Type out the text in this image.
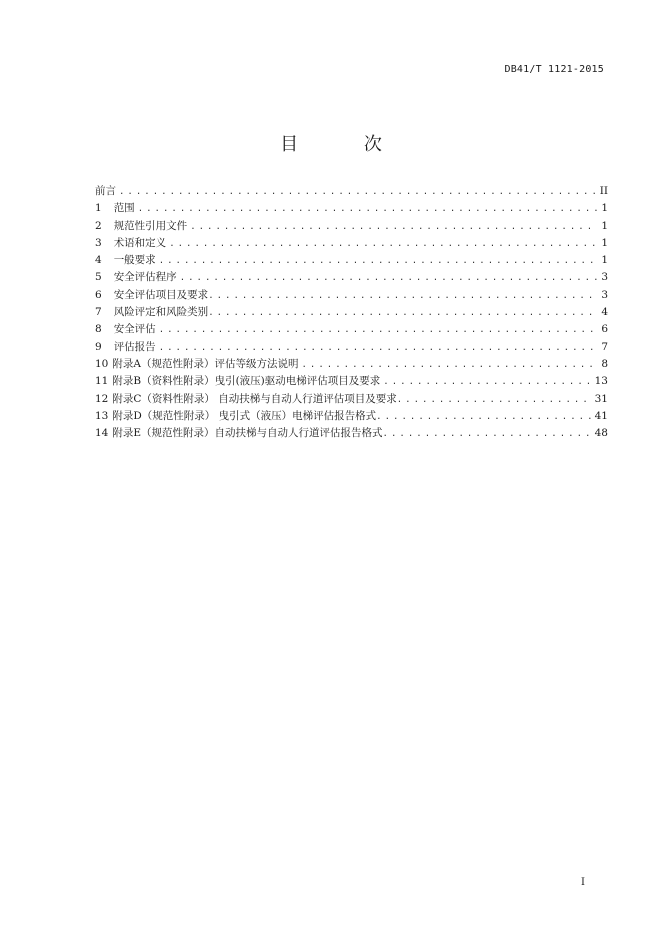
DB41/T 1121-2015
目 次
前言 . . .	II
1 范围 . . .	1
2 规范性引用文件 . . .	1
3 术语和定义 . . .	1
4 一般要求 . . .	1
5 安全评估程序 . . .	3
6 安全评估项目及要求 . . .	3
7 风险评定和风险类别 . . .	4
8 安全评估 . . .	6
9 评估报告 . . .	7
10 附录A（规范性附录）评估等级方法说明 . . .	8
11 附录B（资料性附录）曳引(液压)驱动电梯评估项目及要求 . . .	13
12 附录C（资料性附录） 自动扶梯与自动人行道评估项目及要求 . . .	31
13 附录D（规范性附录） 曳引式（液压）电梯评估报告格式 . . .	41
14 附录E（规范性附录）自动扶梯与自动人行道评估报告格式 . . .	48
I
